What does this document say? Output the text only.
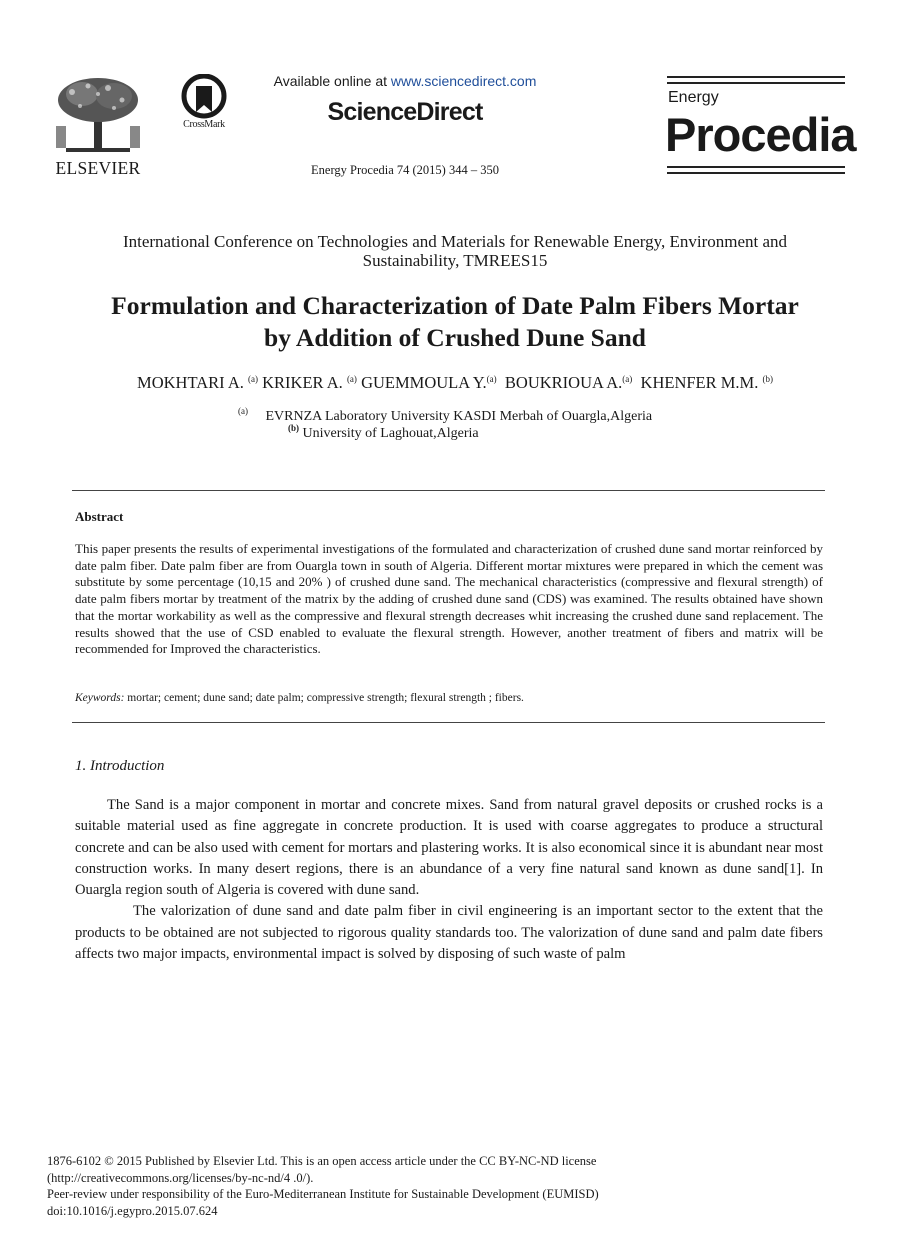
ELSEVIER
CrossMark
Available online at www.sciencedirect.com
ScienceDirect
Energy Procedia 74 (2015) 344 – 350
Energy
Procedia
International Conference on Technologies and Materials for Renewable Energy, Environment and
Sustainability, TMREES15
Formulation and Characterization of Date Palm Fibers Mortar
by Addition of Crushed Dune Sand
MOKHTARI A. $^{(a)}$ KRIKER A. $^{(a)}$ GUEMMOULA Y.$^{(a)}$ BOUKRIOUA A.$^{(a)}$ KHENFER M.M. $^{(b)}$
$^{(a)}$ EVRNZA Laboratory University KASDI Merbah of Ouargla,Algeria
$^{(b)}$ University of Laghouat,Algeria
Abstract
This paper presents the results of experimental investigations of the formulated and characterization of crushed dune sand mortar reinforced by date palm fiber. Date palm fiber are from Ouargla town in south of Algeria. Different mortar mixtures were prepared in which the cement was substitute by some percentage (10,15 and 20% ) of crushed dune sand. The mechanical characteristics (compressive and flexural strength) of date palm fibers mortar by treatment of the matrix by the adding of crushed dune sand (CDS) was examined. The results obtained have shown that the mortar workability as well as the compressive and flexural strength decreases whit increasing the crushed dune sand replacement. The results showed that the use of CSD enabled to evaluate the flexural strength. However, another treatment of fibers and matrix will be recommended for Improved the characteristics.
Keywords: mortar; cement; dune sand; date palm; compressive strength; flexural strength ; fibers.
1. Introduction

The Sand is a major component in mortar and concrete mixes. Sand from natural gravel deposits or crushed rocks is a suitable material used as fine aggregate in concrete production. It is used with coarse aggregates to produce a structural concrete and can be also used with cement for mortars and plastering works. It is also economical since it is abundant near most construction works. In many desert regions, there is an abundance of a very fine natural sand known as dune sand[1]. In Ouargla region south of Algeria is covered with dune sand.

The valorization of dune sand and date palm fiber in civil engineering is an important sector to the extent that the products to be obtained are not subjected to rigorous quality standards too. The valorization of dune sand and palm date fibers affects two major impacts, environmental impact is solved by disposing of such waste of palm

1876-6102 © 2015 Published by Elsevier Ltd. This is an open access article under the CC BY-NC-ND license
(http://creativecommons.org/licenses/by-nc-nd/4 .0/).
Peer-review under responsibility of the Euro-Mediterranean Institute for Sustainable Development (EUMISD)
doi:10.1016/j.egypro.2015.07.624
